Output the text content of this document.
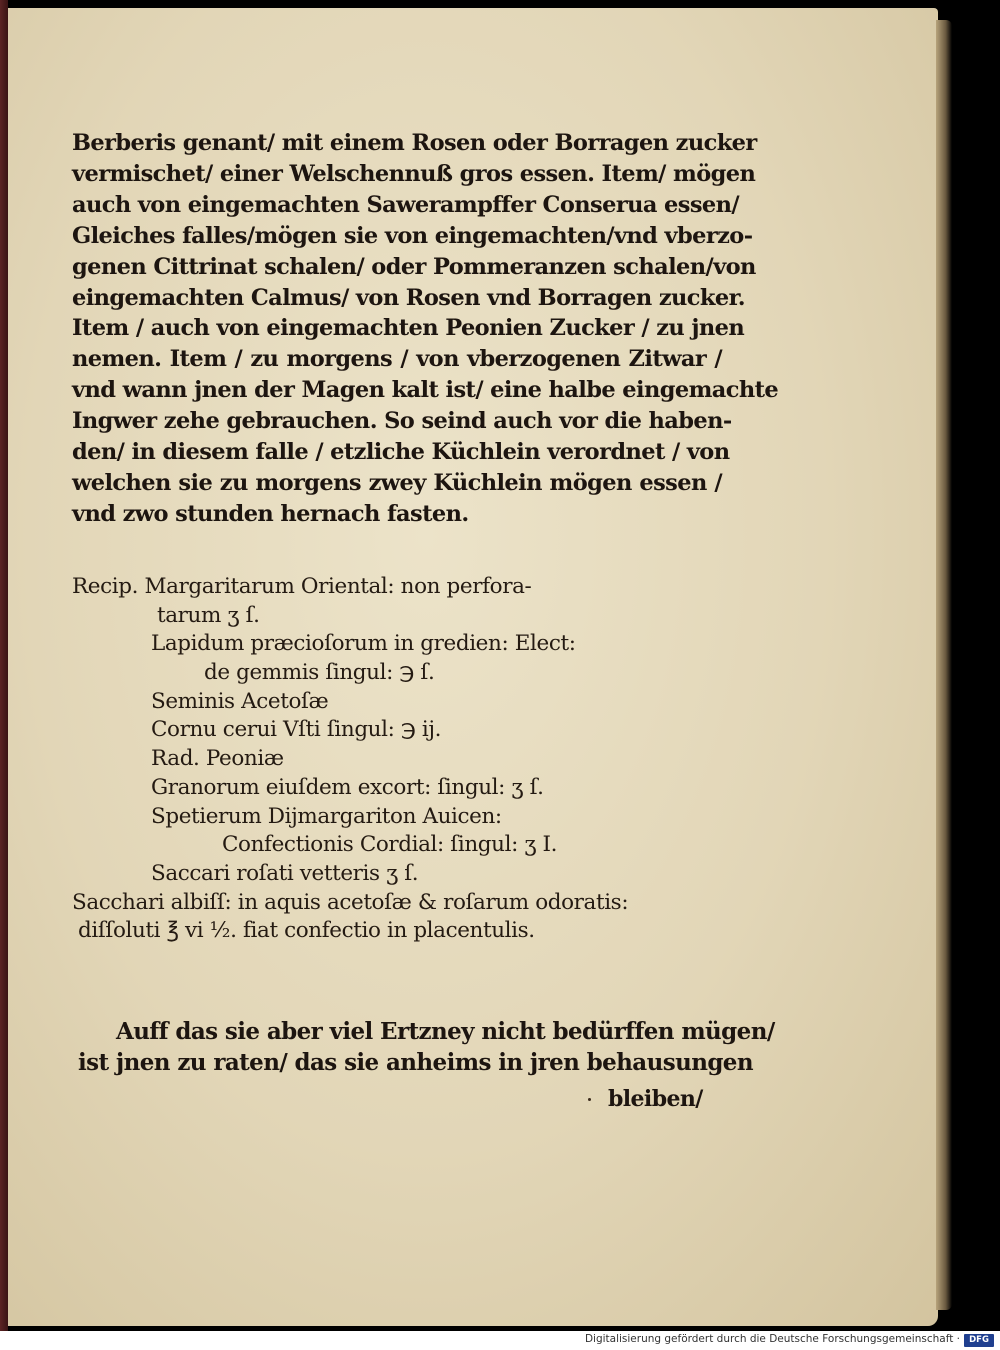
Berberis genant/ mit einem Rosen oder Borragen zucker
vermischet/ einer Welschennuß gros essen. Item/ mögen
auch von eingemachten Sawerampffer Conserua essen/
Gleiches falles/mögen sie von eingemachten/vnd vberzo-
genen Cittrinat schalen/ oder Pommeranzen schalen/von
eingemachten Calmus/ von Rosen vnd Borragen zucker.
Item / auch von eingemachten Peonien Zucker / zu jnen
nemen. Item / zu morgens / von vberzogenen Zitwar /
vnd wann jnen der Magen kalt ist/ eine halbe eingemachte
Ingwer zehe gebrauchen. So seind auch vor die haben-
den/ in diesem falle / etzliche Küchlein verordnet / von
welchen sie zu morgens zwey Küchlein mögen essen /
vnd zwo stunden hernach fasten.
Recip. Margaritarum Oriental: non perfora-
tarum ʒ ſ.
Lapidum præcioſorum in gredien: Elect:
de gemmis ſingul: ℈ ſ.
Seminis Acetoſæ
Cornu cerui Vſti ſingul: ℈ ij.
Rad. Peoniæ
Granorum eiuſdem excort: ſingul: ʒ ſ.
Spetierum Dijmargariton Auicen:
Confectionis Cordial: ſingul: ʒ I.
Saccari roſati vetteris ʒ ſ.
Sacchari albiſſ: in aquis acetoſæ & roſarum odoratis:
diſſoluti ℥ vi ½. fiat confectio in placentulis.
Auff das sie aber viel Ertzney nicht bedürffen mügen/
ist jnen zu raten/ das sie anheims in jren behausungen
bleiben/
Digitalisierung gefördert durch die Deutsche Forschungsgemeinschaft ·	DFG
